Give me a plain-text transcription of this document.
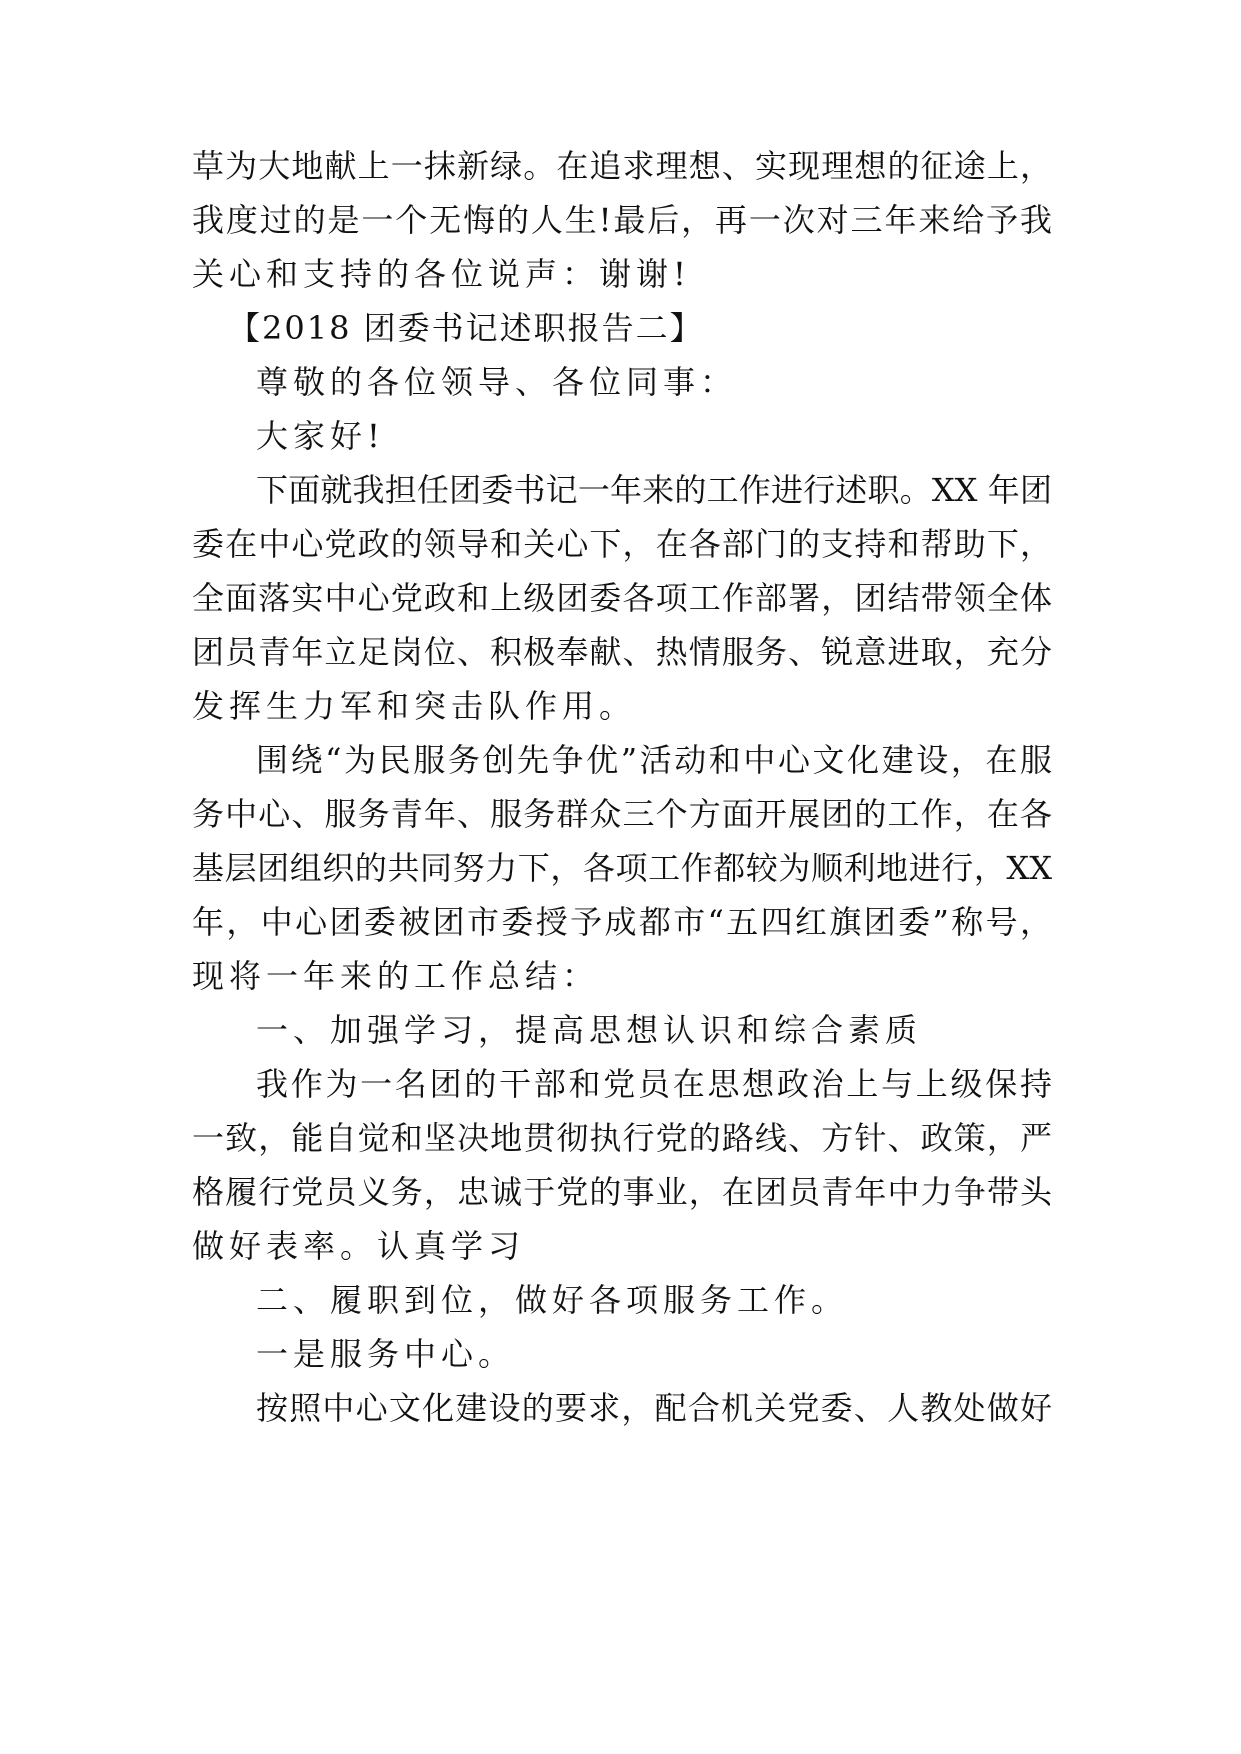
草为大地献上一抹新绿。在追求理想、实现理想的征途上，
我度过的是一个无悔的人生!最后，再一次对三年来给予我
关心和支持的各位说声：谢谢!
【2018 团委书记述职报告二】
尊敬的各位领导、各位同事：
大家好!
下面就我担任团委书记一年来的工作进行述职。XX 年团
委在中心党政的领导和关心下，在各部门的支持和帮助下，
全面落实中心党政和上级团委各项工作部署，团结带领全体
团员青年立足岗位、积极奉献、热情服务、锐意进取，充分
发挥生力军和突击队作用。
围绕“为民服务创先争优”活动和中心文化建设，在服
务中心、服务青年、服务群众三个方面开展团的工作，在各
基层团组织的共同努力下，各项工作都较为顺利地进行，XX
年，中心团委被团市委授予成都市“五四红旗团委”称号，
现将一年来的工作总结：
一、加强学习，提高思想认识和综合素质
我作为一名团的干部和党员在思想政治上与上级保持
一致，能自觉和坚决地贯彻执行党的路线、方针、政策，严
格履行党员义务，忠诚于党的事业，在团员青年中力争带头
做好表率。认真学习
二、履职到位，做好各项服务工作。
一是服务中心。
按照中心文化建设的要求，配合机关党委、人教处做好
